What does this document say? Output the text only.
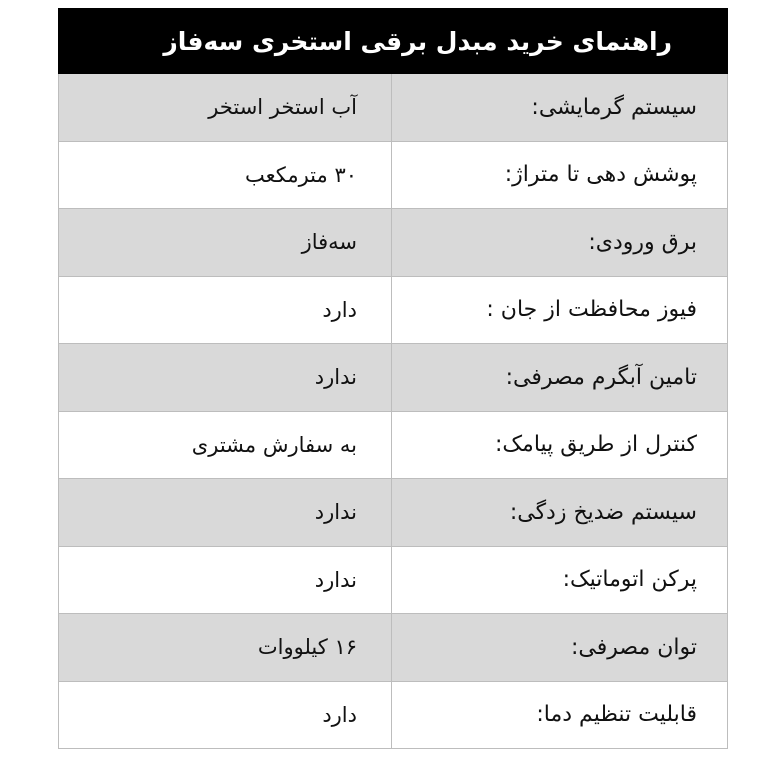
راهنمای خرید مبدل برقی استخری سه‌فاز
سیستم گرمایشی:
آب استخر استخر
پوشش دهی تا متراژ:
۳۰ مترمکعب
برق ورودی:
سه‌فاز
فیوز محافظت از جان :
دارد
تامین آبگرم مصرفی:
ندارد
کنترل از طریق پیامک:
به سفارش مشتری
سیستم ضدیخ زدگی:
ندارد
پرکن اتوماتیک:
ندارد
توان مصرفی:
۱۶ کیلووات
قابلیت تنظیم دما:
دارد
